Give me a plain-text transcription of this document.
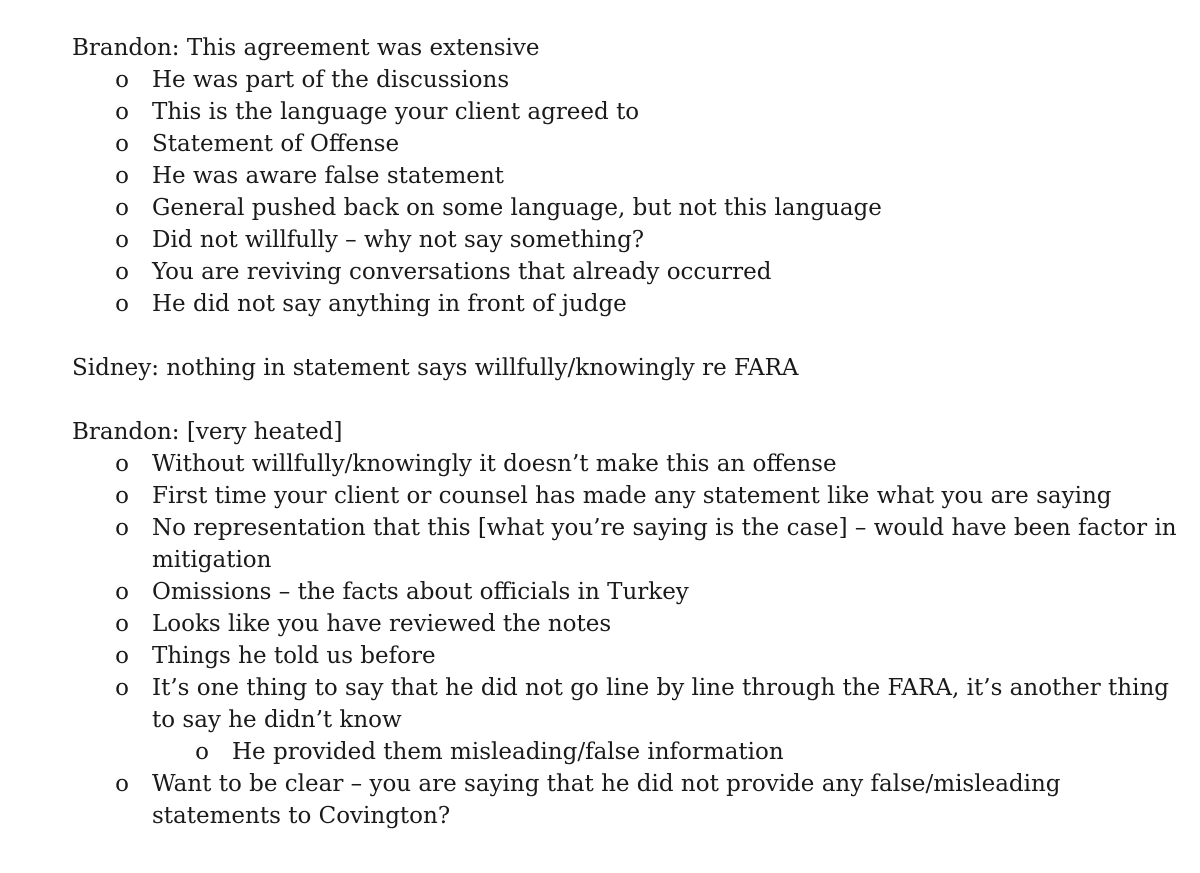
Brandon: This agreement was extensive

o He was part of the discussions
o This is the language your client agreed to
o Statement of Offense
o He was aware false statement
o General pushed back on some language, but not this language
o Did not willfully – why not say something?
o You are reviving conversations that already occurred
o He did not say anything in front of judge

Sidney: nothing in statement says willfully/knowingly re FARA

Brandon: [very heated]

o Without willfully/knowingly it doesn’t make this an offense
o First time your client or counsel has made any statement like what you are saying
o No representation that this [what you’re saying is the case] – would have been factor in mitigation
o Omissions – the facts about officials in Turkey
o Looks like you have reviewed the notes
o Things he told us before
o It’s one thing to say that he did not go line by line through the FARA, it’s another thing to say he didn’t know
o He provided them misleading/false information
o Want to be clear – you are saying that he did not provide any false/misleading statements to Covington?
